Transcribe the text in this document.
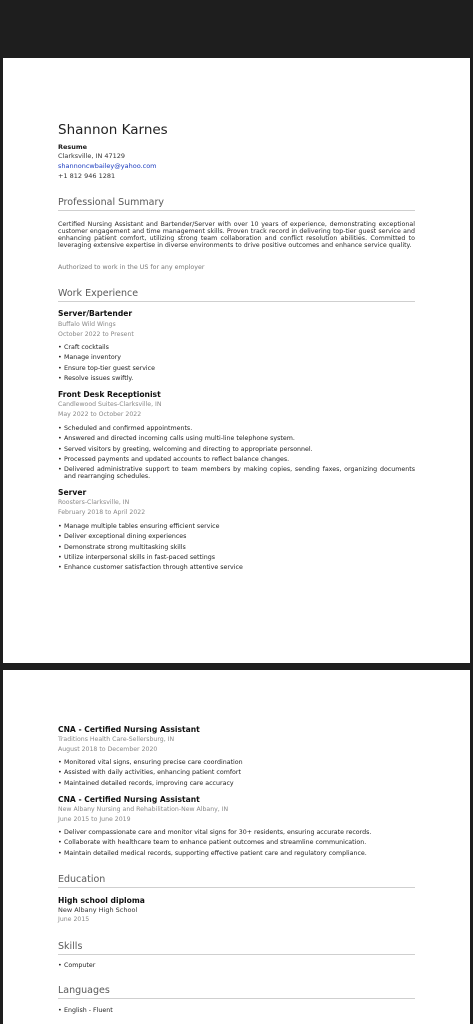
Shannon Karnes
Resume
Clarksville, IN 47129
shannoncwbailey@yahoo.com
+1 812 946 1281
Professional Summary
Certified Nursing Assistant and Bartender/Server with over 10 years of experience, demonstrating exceptional customer engagement and time management skills. Proven track record in delivering top-tier guest service and enhancing patient comfort, utilizing strong team collaboration and conflict resolution abilities. Committed to leveraging extensive expertise in diverse environments to drive positive outcomes and enhance service quality.
Authorized to work in the US for any employer
Work Experience
Server/Bartender
Buffalo Wild Wings
October 2022 to Present
• Craft cocktails
• Manage inventory
• Ensure top-tier guest service
• Resolve issues swiftly.
Front Desk Receptionist
Candlewood Suites-Clarksville, IN
May 2022 to October 2022
• Scheduled and confirmed appointments.
• Answered and directed incoming calls using multi-line telephone system.
• Served visitors by greeting, welcoming and directing to appropriate personnel.
• Processed payments and updated accounts to reflect balance changes.
• Delivered administrative support to team members by making copies, sending faxes, organizing documents and rearranging schedules.
Server
Roosters-Clarksville, IN
February 2018 to April 2022
• Manage multiple tables ensuring efficient service
• Deliver exceptional dining experiences
• Demonstrate strong multitasking skills
• Utilize interpersonal skills in fast-paced settings
• Enhance customer satisfaction through attentive service
CNA - Certified Nursing Assistant
Traditions Health Care-Sellersburg, IN
August 2018 to December 2020
• Monitored vital signs, ensuring precise care coordination
• Assisted with daily activities, enhancing patient comfort
• Maintained detailed records, improving care accuracy
CNA - Certified Nursing Assistant
New Albany Nursing and Rehabilitation-New Albany, IN
June 2015 to June 2019
• Deliver compassionate care and monitor vital signs for 30+ residents, ensuring accurate records.
• Collaborate with healthcare team to enhance patient outcomes and streamline communication.
• Maintain detailed medical records, supporting effective patient care and regulatory compliance.
Education
High school diploma
New Albany High School
June 2015
Skills
• Computer
Languages
• English - Fluent
